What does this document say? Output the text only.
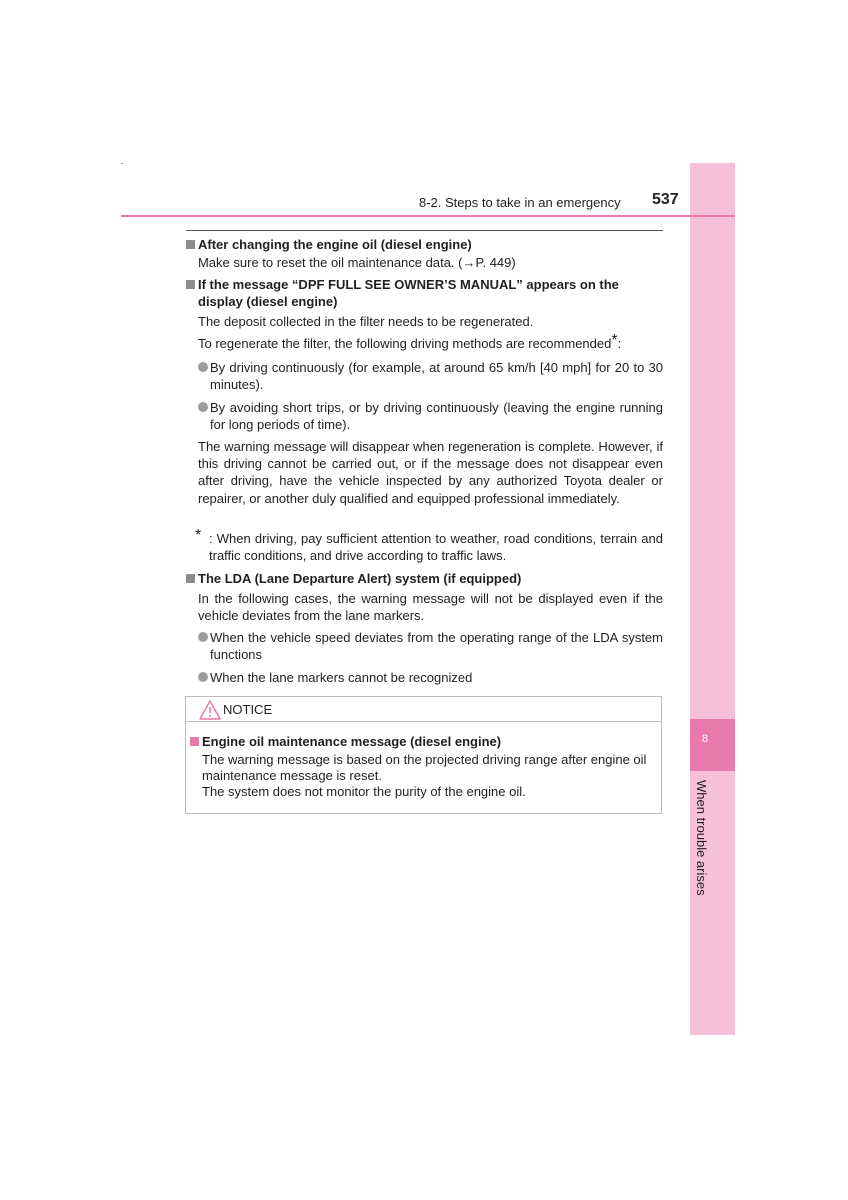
8
When trouble arises
8-2. Steps to take in an emergency 537
After changing the engine oil (diesel engine)
Make sure to reset the oil maintenance data. (→P. 449)
If the message “DPF FULL SEE OWNER’S MANUAL” appears on the display (diesel engine)
The deposit collected in the filter needs to be regenerated.
To regenerate the filter, the following driving methods are recommended*:
By driving continuously (for example, at around 65 km/h [40 mph] for 20 to 30 minutes).
By avoiding short trips, or by driving continuously (leaving the engine running for long periods of time).
The warning message will disappear when regeneration is complete. However, if this driving cannot be carried out, or if the message does not disappear even after driving, have the vehicle inspected by any authorized Toyota dealer or repairer, or another duly qualified and equipped professional immediately.
* : When driving, pay sufficient attention to weather, road conditions, terrain and traffic conditions, and drive according to traffic laws.
The LDA (Lane Departure Alert) system (if equipped)
In the following cases, the warning message will not be displayed even if the vehicle deviates from the lane markers.
When the vehicle speed deviates from the operating range of the LDA system functions
When the lane markers cannot be recognized
NOTICE
Engine oil maintenance message (diesel engine)
The warning message is based on the projected driving range after engine oil maintenance message is reset.
The system does not monitor the purity of the engine oil.
